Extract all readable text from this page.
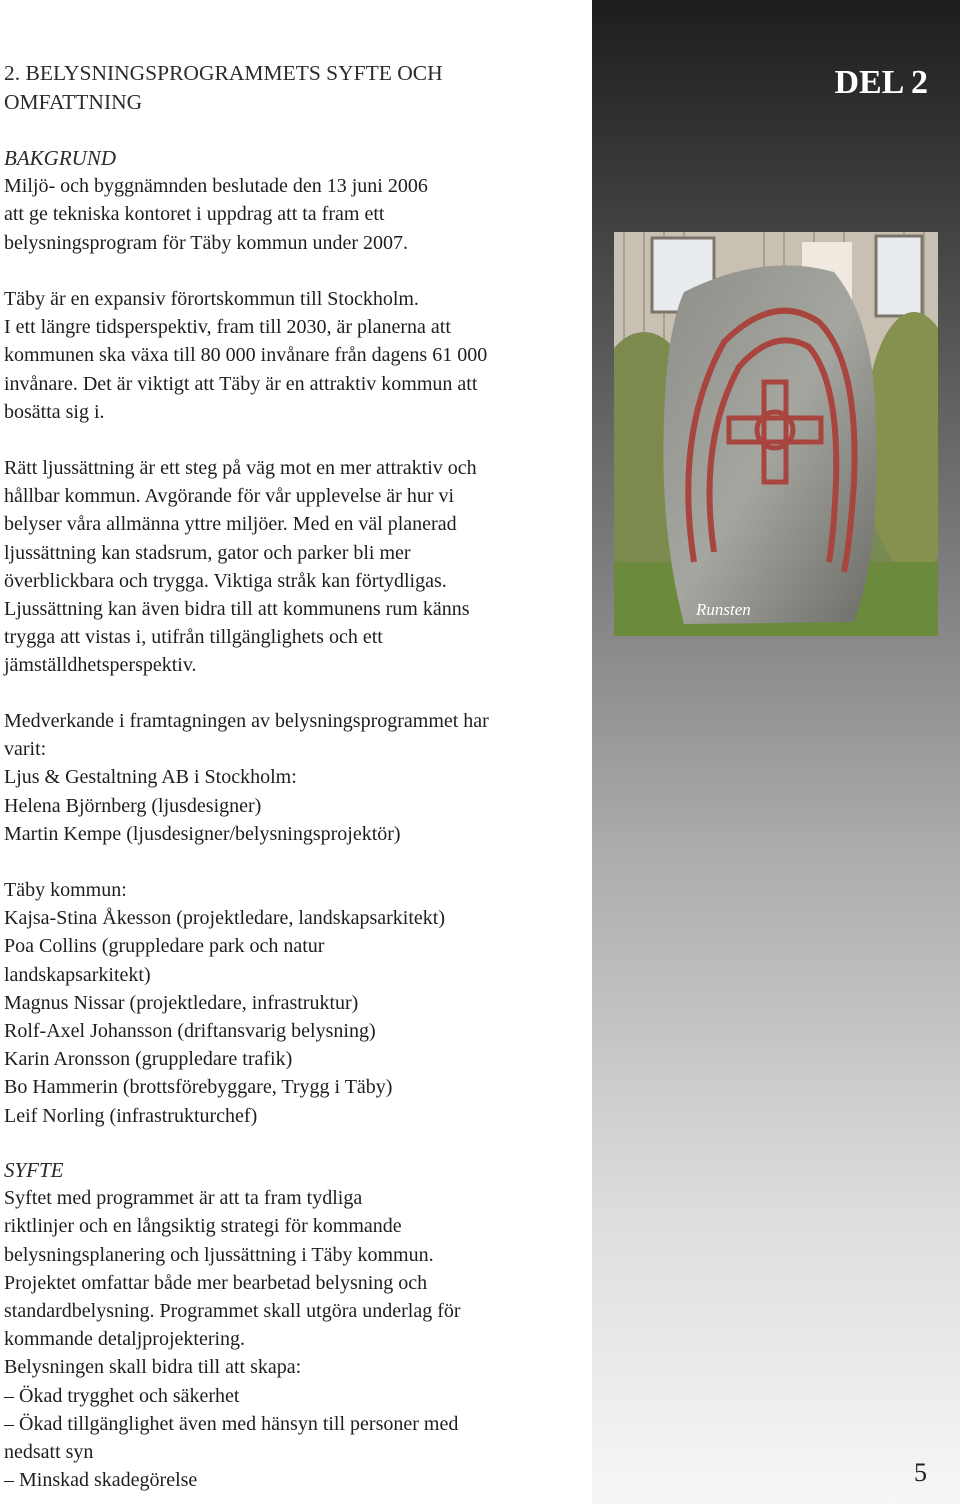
DEL 2

Runsten

2. BELYSNINGSPROGRAMMETS SYFTE OCH
OMFATTNING

BAKGRUND

Miljö- och byggnämnden beslutade den 13 juni 2006

att ge tekniska kontoret i uppdrag att ta fram ett

belysningsprogram för Täby kommun under 2007.

Täby är en expansiv förortskommun till Stockholm.

I ett längre tidsperspektiv, fram till 2030, är planerna att

kommunen ska växa till 80 000 invånare från dagens 61 000

invånare. Det är viktigt att Täby är en attraktiv kommun att

bosätta sig i.

Rätt ljussättning är ett steg på väg mot en mer attraktiv och

hållbar kommun. Avgörande för vår upplevelse är hur vi

belyser våra allmänna yttre miljöer. Med en väl planerad

ljussättning kan stadsrum, gator och parker bli mer

överblickbara och trygga. Viktiga stråk kan förtydligas.

Ljussättning kan även bidra till att kommunens rum känns

trygga att vistas i, utifrån tillgänglighets och ett

jämställdhetsperspektiv.

Medverkande i framtagningen av belysningsprogrammet har

varit:

Ljus & Gestaltning AB i Stockholm:

Helena Björnberg (ljusdesigner)

Martin Kempe (ljusdesigner/belysningsprojektör)

Täby kommun:

Kajsa-Stina Åkesson (projektledare, landskapsarkitekt)

Poa Collins (gruppledare park och natur

landskapsarkitekt)

Magnus Nissar (projektledare, infrastruktur)

Rolf-Axel Johansson (driftansvarig belysning)

Karin Aronsson (gruppledare trafik)

Bo Hammerin (brottsförebyggare, Trygg i Täby)

Leif Norling (infrastrukturchef)

SYFTE

Syftet med programmet är att ta fram tydliga

riktlinjer och en långsiktig strategi för kommande

belysningsplanering och ljussättning i Täby kommun.

Projektet omfattar både mer bearbetad belysning och

standardbelysning. Programmet skall utgöra underlag för

kommande detaljprojektering.

Belysningen skall bidra till att skapa:

– Ökad trygghet och säkerhet

– Ökad tillgänglighet även med hänsyn till personer med

nedsatt syn

– Minskad skadegörelse	5
